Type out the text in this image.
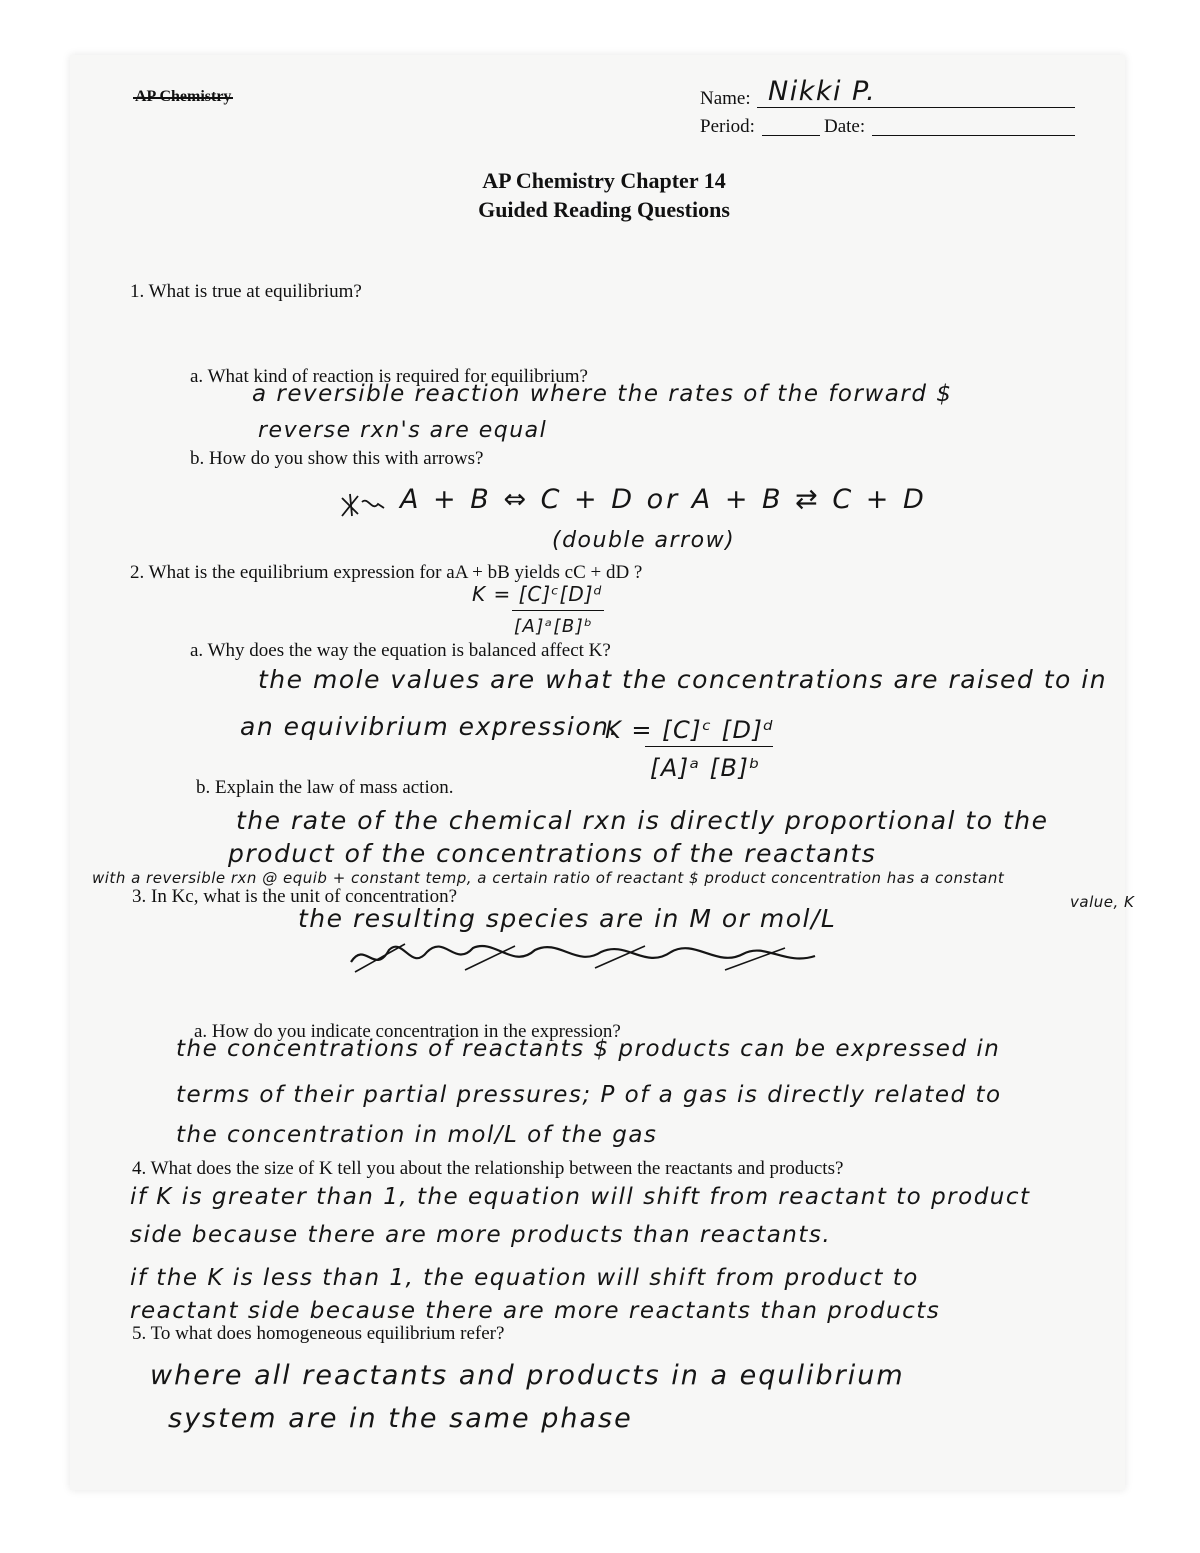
AP Chemistry	Name: Nikki P.
Period:	Date:
AP Chemistry Chapter 14
Guided Reading Questions
1. What is true at equilibrium?
a. What kind of reaction is required for equilibrium?
a reversible reaction where the rates of the forward $
reverse rxn's are equal
b. How do you show this with arrows?
A + B ⇔ C + D or A + B ⇄ C + D
(double arrow)
2. What is the equilibrium expression for aA + bB yields cC + dD ?
K = [C]ᶜ[D]ᵈ
[A]ᵃ[B]ᵇ
a. Why does the way the equation is balanced affect K?
the mole values are what the concentrations are raised to in
an equivibrium expression.
K = [C]ᶜ [D]ᵈ
[A]ᵃ [B]ᵇ
b. Explain the law of mass action.
the rate of the chemical rxn is directly proportional to the
product of the concentrations of the reactants
with a reversible rxn @ equib + constant temp, a certain ratio of reactant $ product concentration has a constant
value, K
3. In Kc, what is the unit of concentration?
the resulting species are in M or mol/L
a. How do you indicate concentration in the expression?
the concentrations of reactants $ products can be expressed in
terms of their partial pressures; P of a gas is directly related to
the concentration in mol/L of the gas
4. What does the size of K tell you about the relationship between the reactants and products?
if K is greater than 1, the equation will shift from reactant to product
side because there are more products than reactants.
if the K is less than 1, the equation will shift from product to
reactant side because there are more reactants than products
5. To what does homogeneous equilibrium refer?
where all reactants and products in a equlibrium
system are in the same phase
